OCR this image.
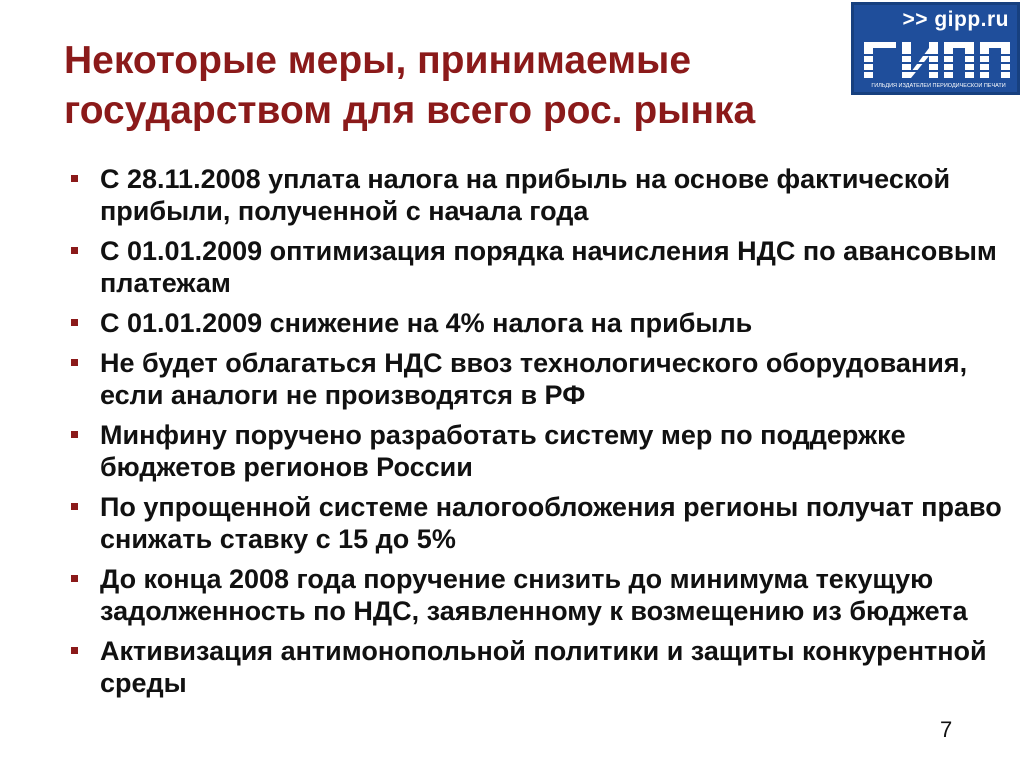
>> gipp.ru
ГИЛЬДИЯ ИЗДАТЕЛЕЙ ПЕРИОДИЧЕСКОЙ ПЕЧАТИ
Некоторые меры, принимаемые
государством для всего рос. рынка
С 28.11.2008 уплата налога на прибыль на основе фактической прибыли, полученной с начала года
С 01.01.2009 оптимизация порядка начисления НДС по авансовым платежам
С 01.01.2009 снижение на 4% налога на прибыль
Не будет облагаться НДС ввоз технологического оборудования, если аналоги не производятся в РФ
Минфину поручено разработать систему мер по поддержке бюджетов регионов России
По упрощенной системе налогообложения регионы получат право снижать ставку с 15 до 5%
До конца 2008 года поручение снизить до минимума текущую задолженность по НДС, заявленному к возмещению из бюджета
Активизация антимонопольной политики и защиты конкурентной среды
7
